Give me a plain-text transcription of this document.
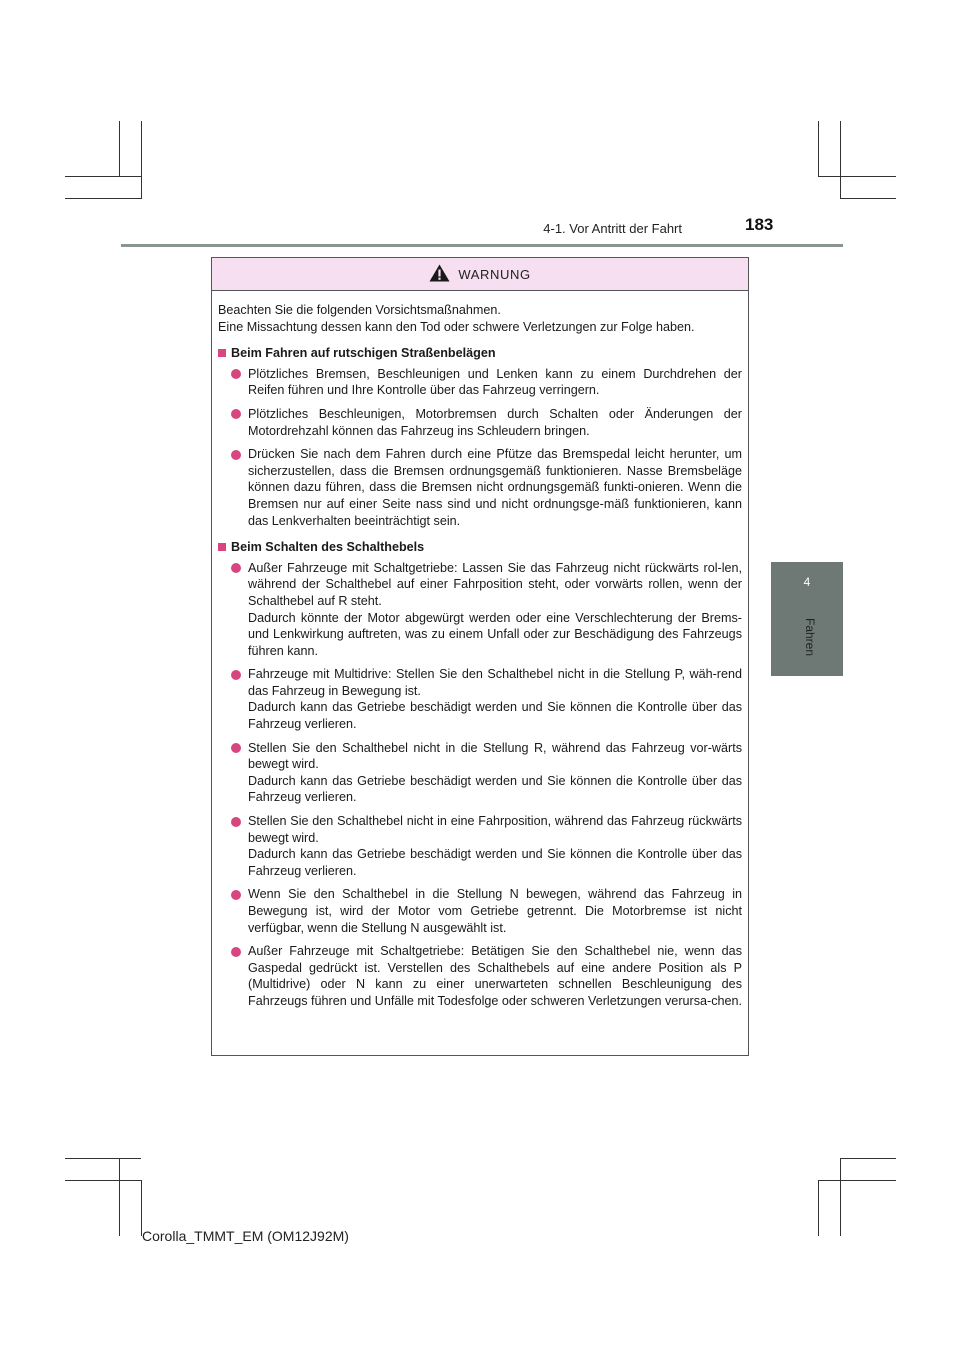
4-1. Vor Antritt der Fahrt	183
4
Fahren
WARNUNG
Beachten Sie die folgenden Vorsichtsmaßnahmen.
Eine Missachtung dessen kann den Tod oder schwere Verletzungen zur Folge haben.
Beim Fahren auf rutschigen Straßenbelägen

Plötzliches Bremsen, Beschleunigen und Lenken kann zu einem Durchdrehen der Reifen führen und Ihre Kontrolle über das Fahrzeug verringern.

Plötzliches Beschleunigen, Motorbremsen durch Schalten oder Änderungen der Motordrehzahl können das Fahrzeug ins Schleudern bringen.

Drücken Sie nach dem Fahren durch eine Pfütze das Bremspedal leicht herunter, um sicherzustellen, dass die Bremsen ordnungsgemäß funktionieren. Nasse Bremsbeläge können dazu führen, dass die Bremsen nicht ordnungsgemäß funkti-onieren. Wenn die Bremsen nur auf einer Seite nass sind und nicht ordnungsge-mäß funktionieren, kann das Lenkverhalten beeinträchtigt sein.

Beim Schalten des Schalthebels

Außer Fahrzeuge mit Schaltgetriebe: Lassen Sie das Fahrzeug nicht rückwärts rol-len, während der Schalthebel auf einer Fahrposition steht, oder vorwärts rollen, wenn der Schalthebel auf R steht.

Dadurch könnte der Motor abgewürgt werden oder eine Verschlechterung der Brems- und Lenkwirkung auftreten, was zu einem Unfall oder zur Beschädigung des Fahrzeugs führen kann.

Fahrzeuge mit Multidrive: Stellen Sie den Schalthebel nicht in die Stellung P, wäh-rend das Fahrzeug in Bewegung ist.

Dadurch kann das Getriebe beschädigt werden und Sie können die Kontrolle über das Fahrzeug verlieren.

Stellen Sie den Schalthebel nicht in die Stellung R, während das Fahrzeug vor-wärts bewegt wird.

Dadurch kann das Getriebe beschädigt werden und Sie können die Kontrolle über das Fahrzeug verlieren.

Stellen Sie den Schalthebel nicht in eine Fahrposition, während das Fahrzeug rückwärts bewegt wird.

Dadurch kann das Getriebe beschädigt werden und Sie können die Kontrolle über das Fahrzeug verlieren.

Wenn Sie den Schalthebel in die Stellung N bewegen, während das Fahrzeug in Bewegung ist, wird der Motor vom Getriebe getrennt. Die Motorbremse ist nicht verfügbar, wenn die Stellung N ausgewählt ist.

Außer Fahrzeuge mit Schaltgetriebe: Betätigen Sie den Schalthebel nie, wenn das Gaspedal gedrückt ist. Verstellen des Schalthebels auf eine andere Position als P (Multidrive) oder N kann zu einer unerwarteten schnellen Beschleunigung des Fahrzeugs führen und Unfälle mit Todesfolge oder schweren Verletzungen verursa-chen.

Corolla_TMMT_EM (OM12J92M)
